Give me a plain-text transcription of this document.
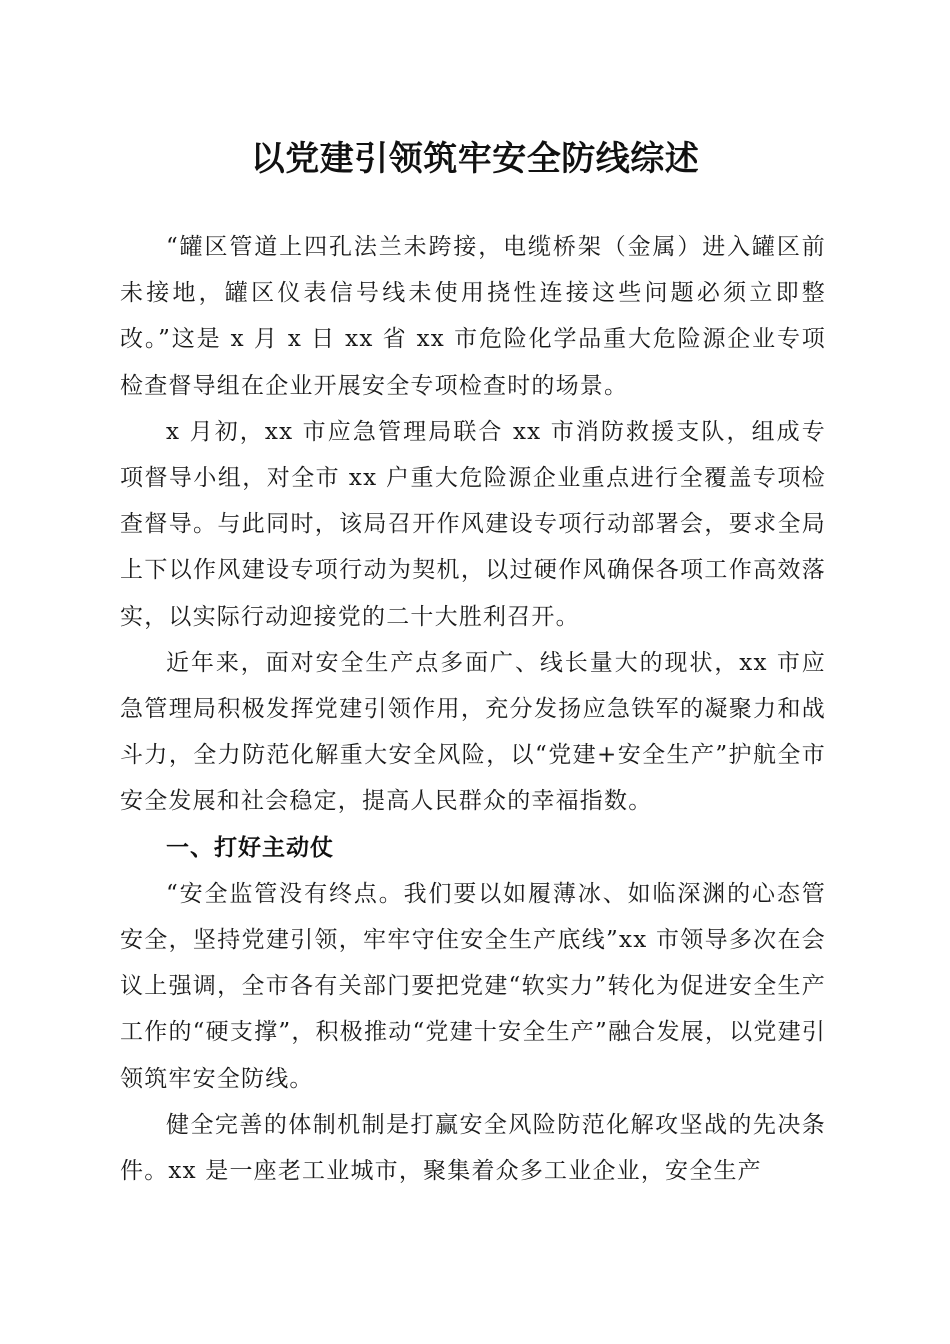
以党建引领筑牢安全防线综述

“罐区管道上四孔法兰未跨接，电缆桥架（金属）进入罐区前未接地，罐区仪表信号线未使用挠性连接这些问题必须立即整改。”这是 x 月 x 日 xx 省 xx 市危险化学品重大危险源企业专项检查督导组在企业开展安全专项检查时的场景。

x 月初，xx 市应急管理局联合 xx 市消防救援支队，组成专项督导小组，对全市 xx 户重大危险源企业重点进行全覆盖专项检查督导。与此同时，该局召开作风建设专项行动部署会，要求全局上下以作风建设专项行动为契机，以过硬作风确保各项工作高效落实，以实际行动迎接党的二十大胜利召开。

近年来，面对安全生产点多面广、线长量大的现状，xx 市应急管理局积极发挥党建引领作用，充分发扬应急铁军的凝聚力和战斗力，全力防范化解重大安全风险，以“党建+安全生产”护航全市安全发展和社会稳定，提高人民群众的幸福指数。

一、打好主动仗

“安全监管没有终点。我们要以如履薄冰、如临深渊的心态管安全，坚持党建引领，牢牢守住安全生产底线”xx 市领导多次在会议上强调，全市各有关部门要把党建“软实力”转化为促进安全生产工作的“硬支撑”，积极推动“党建十安全生产”融合发展，以党建引领筑牢安全防线。

健全完善的体制机制是打赢安全风险防范化解攻坚战的先决条件。xx 是一座老工业城市，聚集着众多工业企业，安全生产
